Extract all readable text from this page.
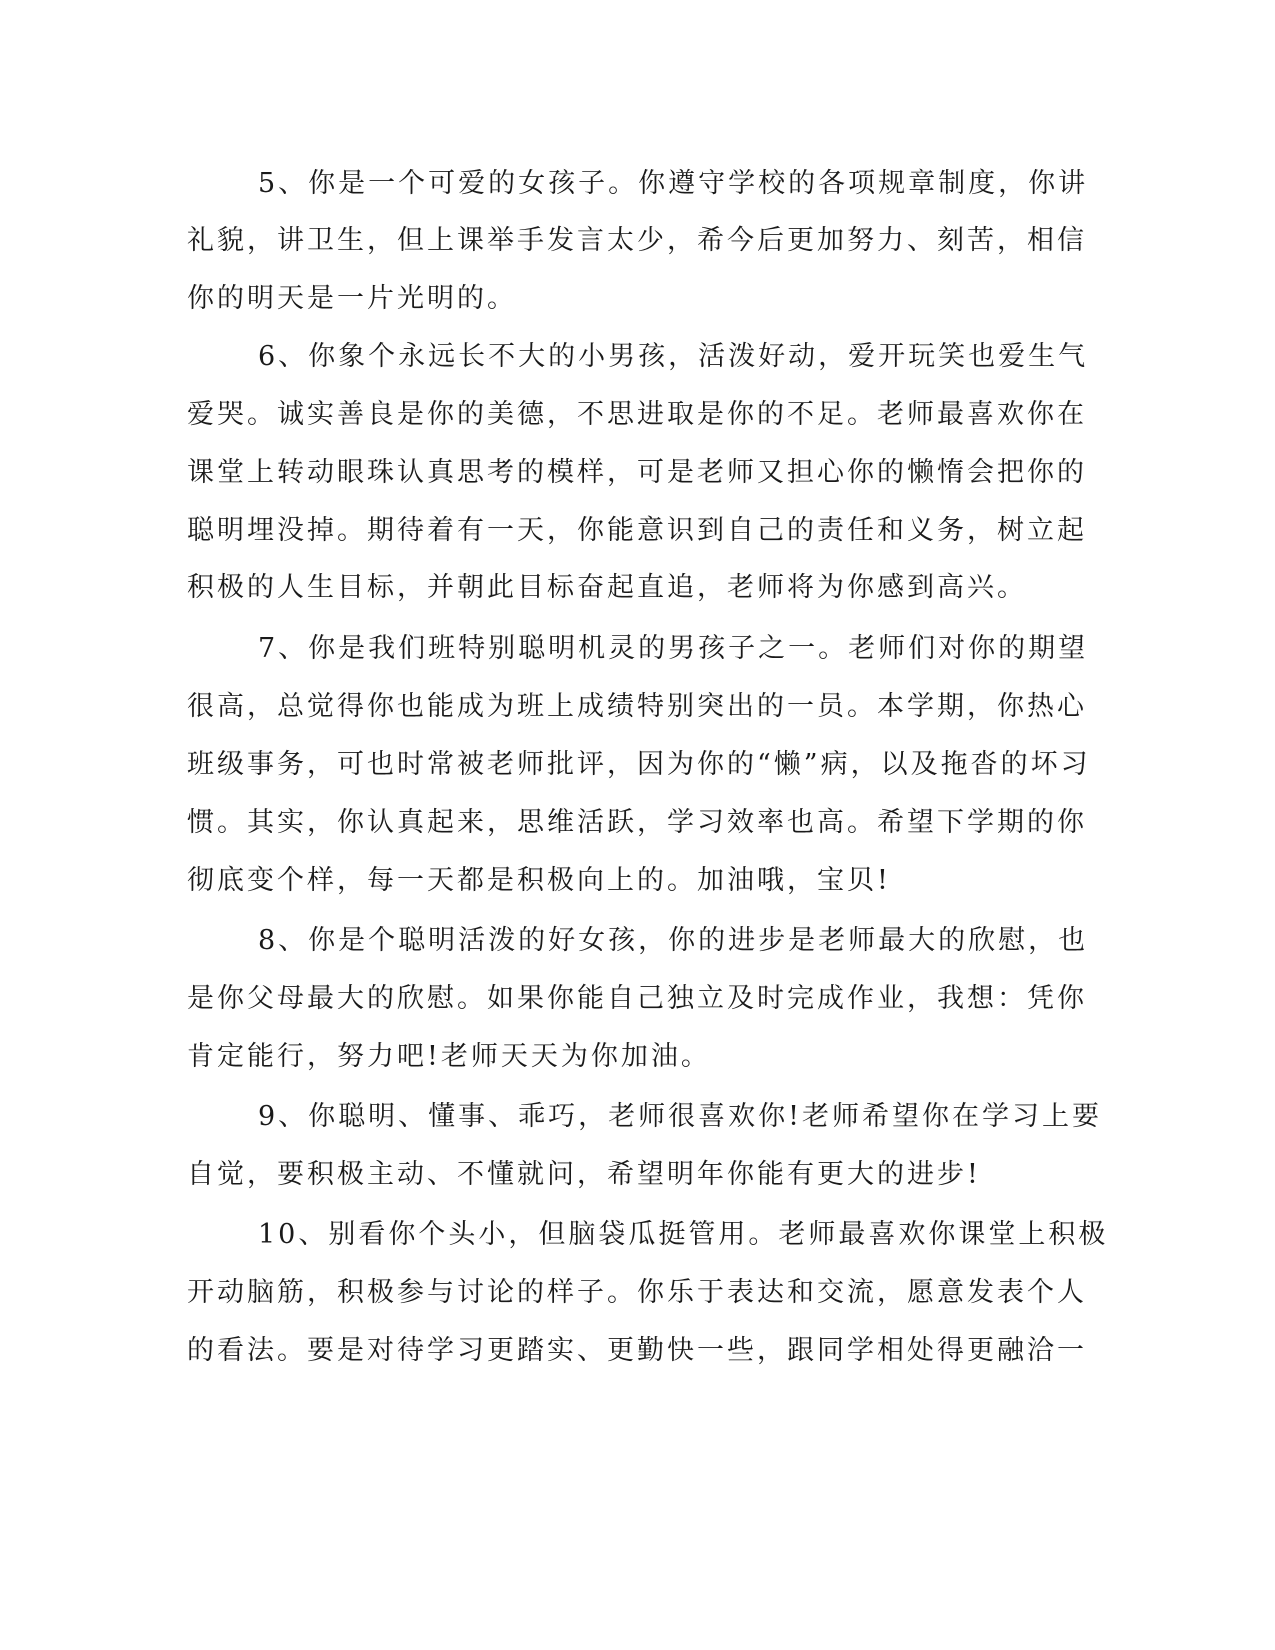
5、你是一个可爱的女孩子。你遵守学校的各项规章制度，你讲
礼貌，讲卫生，但上课举手发言太少，希今后更加努力、刻苦，相信
你的明天是一片光明的。
6、你象个永远长不大的小男孩，活泼好动，爱开玩笑也爱生气
爱哭。诚实善良是你的美德，不思进取是你的不足。老师最喜欢你在
课堂上转动眼珠认真思考的模样，可是老师又担心你的懒惰会把你的
聪明埋没掉。期待着有一天，你能意识到自己的责任和义务，树立起
积极的人生目标，并朝此目标奋起直追，老师将为你感到高兴。
7、你是我们班特别聪明机灵的男孩子之一。老师们对你的期望
很高，总觉得你也能成为班上成绩特别突出的一员。本学期，你热心
班级事务，可也时常被老师批评，因为你的“懒”病，以及拖沓的坏习
惯。其实，你认真起来，思维活跃，学习效率也高。希望下学期的你
彻底变个样，每一天都是积极向上的。加油哦，宝贝!
8、你是个聪明活泼的好女孩，你的进步是老师最大的欣慰，也
是你父母最大的欣慰。如果你能自己独立及时完成作业，我想：凭你
肯定能行，努力吧!老师天天为你加油。
9、你聪明、懂事、乖巧，老师很喜欢你!老师希望你在学习上要
自觉，要积极主动、不懂就问，希望明年你能有更大的进步!
10、别看你个头小，但脑袋瓜挺管用。老师最喜欢你课堂上积极
开动脑筋，积极参与讨论的样子。你乐于表达和交流，愿意发表个人
的看法。要是对待学习更踏实、更勤快一些，跟同学相处得更融洽一
